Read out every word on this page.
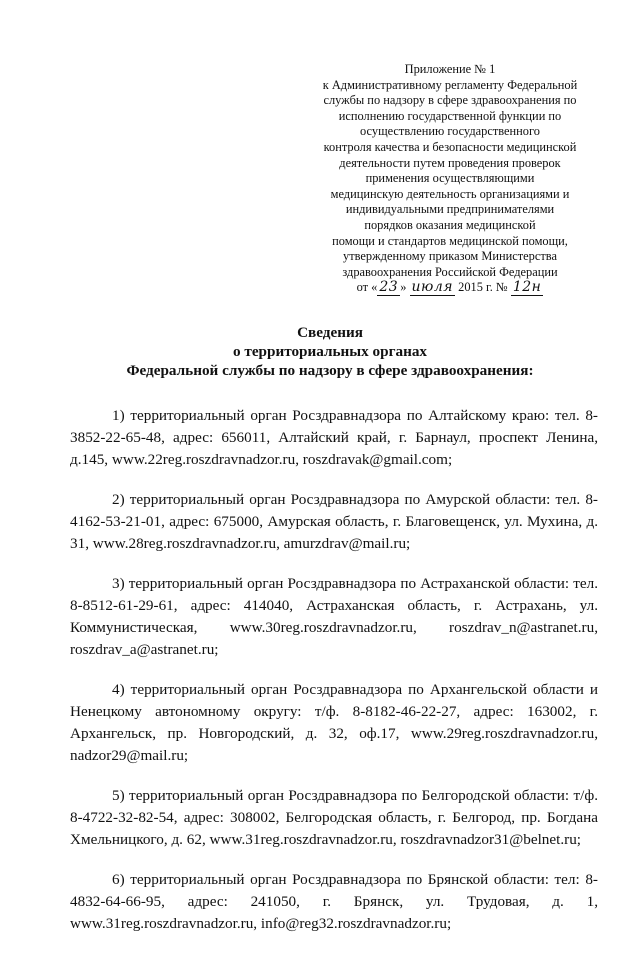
Приложение № 1
к Административному регламенту Федеральной
службы по надзору в сфере здравоохранения по
исполнению государственной функции по
осуществлению государственного
контроля качества и безопасности медицинской
деятельности путем проведения проверок
применения осуществляющими
медицинскую деятельность организациями и
индивидуальными предпринимателями
порядков оказания медицинской
помощи и стандартов медицинской помощи,
утвержденному приказом Министерства
здравоохранения Российской Федерации
от « 23 » июля 2015 г. № 12н
Сведения
о территориальных органах
Федеральной службы по надзору в сфере здравоохранения:

1) территориальный орган Росздравнадзора по Алтайскому краю: тел. 8-3852-22-65-48, адрес: 656011, Алтайский край, г. Барнаул, проспект Ленина, д.145, www.22reg.roszdravnadzor.ru, roszdravak@gmail.com;

2) территориальный орган Росздравнадзора по Амурской области: тел. 8-4162-53-21-01, адрес: 675000, Амурская область, г. Благовещенск, ул. Мухина, д. 31, www.28reg.roszdravnadzor.ru, amurzdrav@mail.ru;

3) территориальный орган Росздравнадзора по Астраханской области: тел. 8-8512-61-29-61, адрес: 414040, Астраханская область, г. Астрахань, ул. Коммунистическая, www.30reg.roszdravnadzor.ru, roszdrav_n@astranet.ru, roszdrav_a@astranet.ru;

4) территориальный орган Росздравнадзора по Архангельской области и Ненецкому автономному округу: т/ф. 8-8182-46-22-27, адрес: 163002, г. Архангельск, пр. Новгородский, д. 32, оф.17, www.29reg.roszdravnadzor.ru, nadzor29@mail.ru;

5) территориальный орган Росздравнадзора по Белгородской области: т/ф. 8-4722-32-82-54, адрес: 308002, Белгородская область, г. Белгород, пр. Богдана Хмельницкого, д. 62, www.31reg.roszdravnadzor.ru, roszdravnadzor31@belnet.ru;

6) территориальный орган Росздравнадзора по Брянской области: тел: 8-4832-64-66-95, адрес: 241050, г. Брянск, ул. Трудовая, д. 1, www.31reg.roszdravnadzor.ru, info@reg32.roszdravnadzor.ru;
